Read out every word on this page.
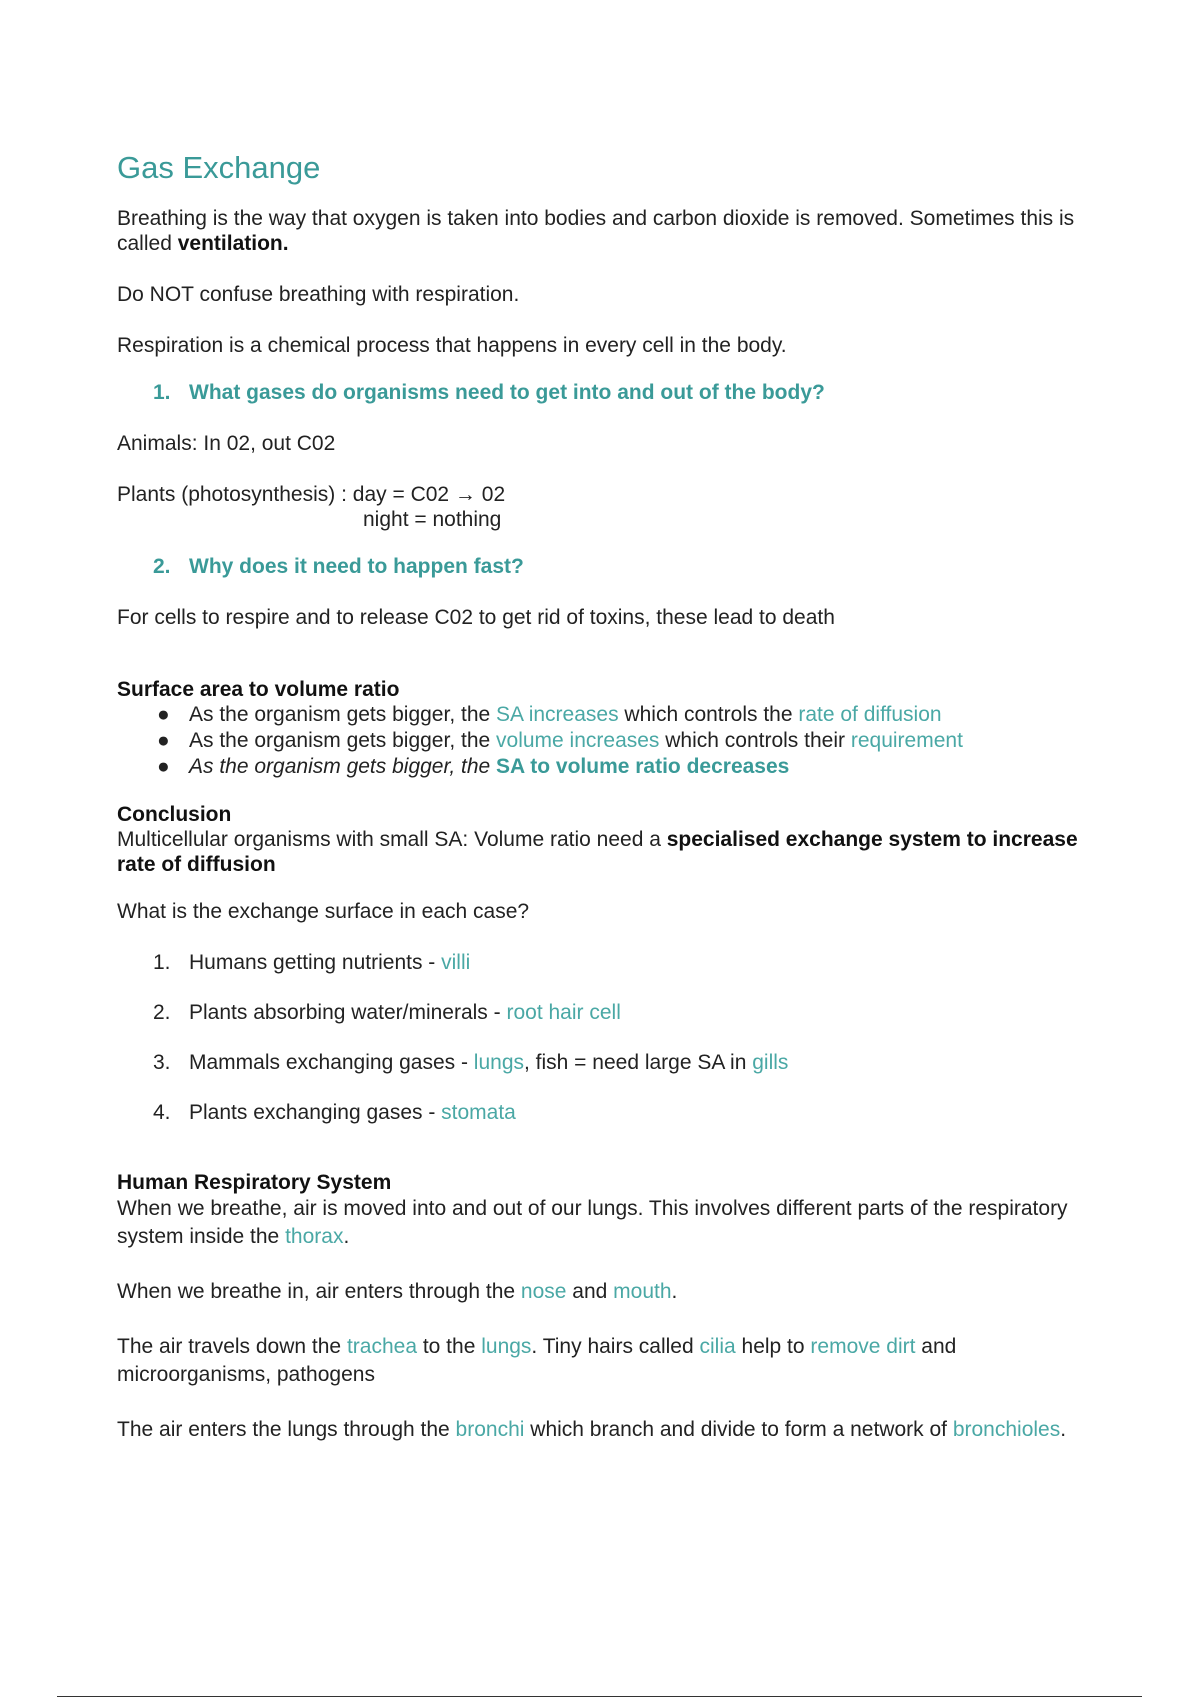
Gas Exchange

Breathing is the way that oxygen is taken into bodies and carbon dioxide is removed. Sometimes this is called ventilation.

Do NOT confuse breathing with respiration.

Respiration is a chemical process that happens in every cell in the body.

1. What gases do organisms need to get into and out of the body?

Animals: In 02, out C02

Plants (photosynthesis) : day = C02 → 02

night = nothing

2. Why does it need to happen fast?

For cells to respire and to release C02 to get rid of toxins, these lead to death

Surface area to volume ratio

● As the organism gets bigger, the SA increases which controls the rate of diffusion
● As the organism gets bigger, the volume increases which controls their requirement
● As the organism gets bigger, the SA to volume ratio decreases

Conclusion

Multicellular organisms with small SA: Volume ratio need a specialised exchange system to increase rate of diffusion

What is the exchange surface in each case?

1. Humans getting nutrients - villi
2. Plants absorbing water/minerals - root hair cell
3. Mammals exchanging gases - lungs, fish = need large SA in gills
4. Plants exchanging gases - stomata

Human Respiratory System

When we breathe, air is moved into and out of our lungs. This involves different parts of the respiratory system inside the thorax.

When we breathe in, air enters through the nose and mouth.

The air travels down the trachea to the lungs. Tiny hairs called cilia help to remove dirt and microorganisms, pathogens

The air enters the lungs through the bronchi which branch and divide to form a network of bronchioles.
